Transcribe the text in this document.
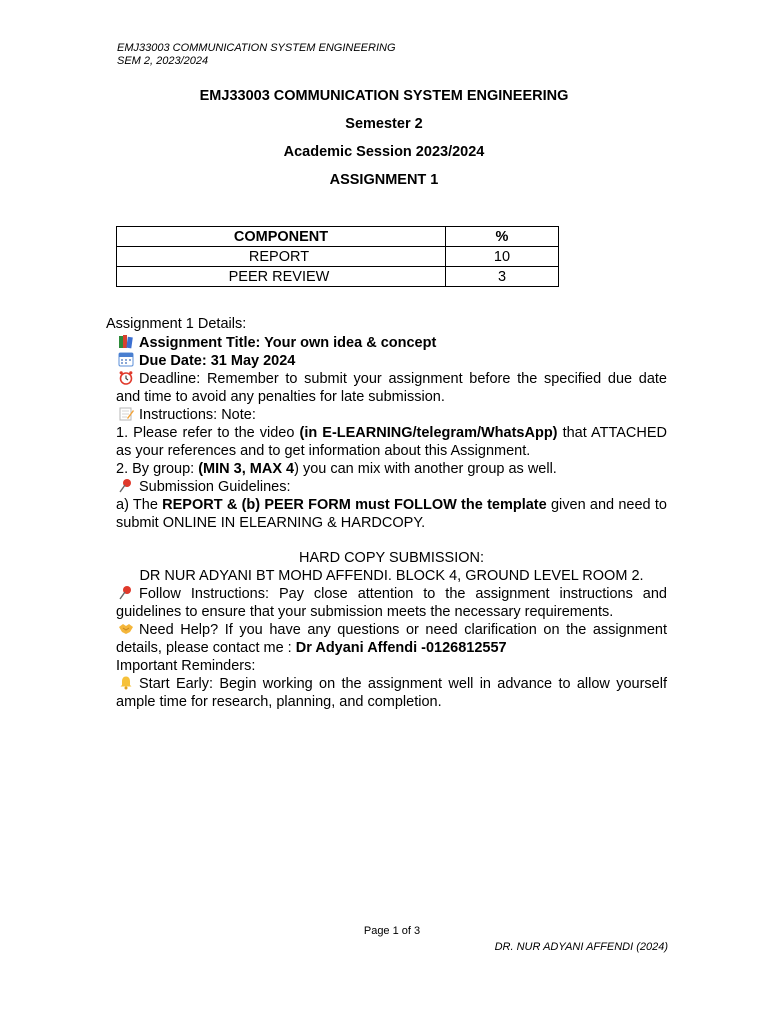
EMJ33003 COMMUNICATION SYSTEM ENGINEERING
SEM 2, 2023/2024
EMJ33003 COMMUNICATION SYSTEM ENGINEERING
Semester 2
Academic Session 2023/2024
ASSIGNMENT 1
COMPONENT	%
REPORT	10
PEER REVIEW	3
Assignment 1 Details:

Assignment Title: Your own idea & concept

Due Date: 31 May 2024

Deadline: Remember to submit your assignment before the specified due date and time to avoid any penalties for late submission.

Instructions: Note:

1. Please refer to the video (in E-LEARNING/telegram/WhatsApp) that ATTACHED as your references and to get information about this Assignment.

2. By group: (MIN 3, MAX 4) you can mix with another group as well.

Submission Guidelines:

a) The REPORT & (b) PEER FORM must FOLLOW the template given and need to submit ONLINE IN ELEARNING & HARDCOPY.

HARD COPY SUBMISSION:

DR NUR ADYANI BT MOHD AFFENDI. BLOCK 4, GROUND LEVEL ROOM 2.

Follow Instructions: Pay close attention to the assignment instructions and guidelines to ensure that your submission meets the necessary requirements.

Need Help? If you have any questions or need clarification on the assignment details, please contact me : Dr Adyani Affendi -0126812557

Important Reminders:

Start Early: Begin working on the assignment well in advance to allow yourself ample time for research, planning, and completion.

Page 1 of 3
DR. NUR ADYANI AFFENDI (2024)
